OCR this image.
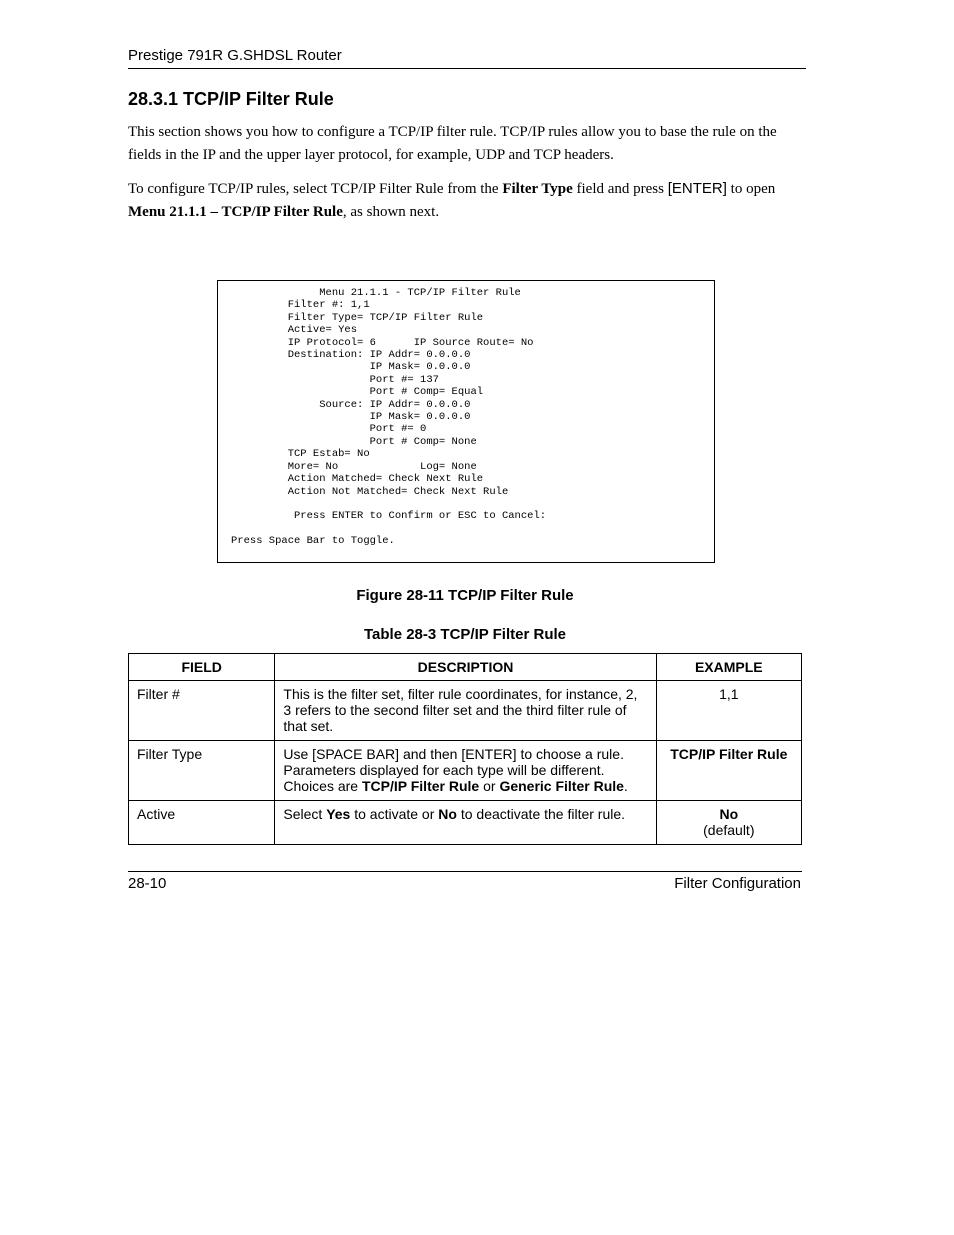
Prestige 791R G.SHDSL Router
28.3.1 TCP/IP Filter Rule

This section shows you how to configure a TCP/IP filter rule. TCP/IP rules allow you to base the rule on the fields in the IP and the upper layer protocol, for example, UDP and TCP headers.

To configure TCP/IP rules, select TCP/IP Filter Rule from the Filter Type field and press [ENTER] to open Menu 21.1.1 – TCP/IP Filter Rule, as shown next.

Menu 21.1.1 - TCP/IP Filter Rule
Filter #: 1,1
Filter Type= TCP/IP Filter Rule
Active= Yes
IP Protocol= 6      IP Source Route= No
Destination: IP Addr= 0.0.0.0
IP Mask= 0.0.0.0
Port #= 137
Port # Comp= Equal
Source: IP Addr= 0.0.0.0
IP Mask= 0.0.0.0
Port #= 0
Port # Comp= None
TCP Estab= No
More= No             Log= None
Action Matched= Check Next Rule
Action Not Matched= Check Next Rule

Press ENTER to Confirm or ESC to Cancel:

Press Space Bar to Toggle.
Figure 28-11 TCP/IP Filter Rule
Table 28-3 TCP/IP Filter Rule
FIELD	DESCRIPTION	EXAMPLE
Filter #	This is the filter set, filter rule coordinates, for instance, 2, 3 refers to the second filter set and the third filter rule of that set.	1,1
Filter Type	Use [SPACE BAR] and then [ENTER] to choose a rule. Parameters displayed for each type will be different. Choices are TCP/IP Filter Rule or Generic Filter Rule.	TCP/IP Filter Rule
Active	Select Yes to activate or No to deactivate the filter rule.	No
(default)
28-10	Filter Configuration
